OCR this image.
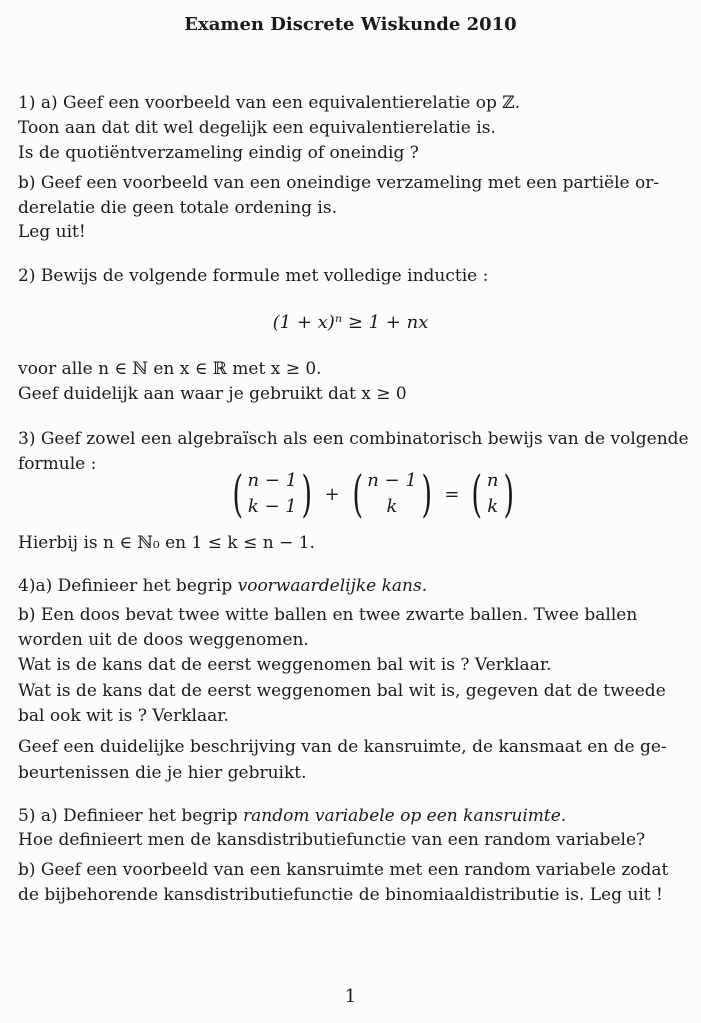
Examen Discrete Wiskunde 2010
1) a) Geef een voorbeeld van een equivalentierelatie op ℤ.
Toon aan dat dit wel degelijk een equivalentierelatie is.
Is de quotiëntverzameling eindig of oneindig ?
b) Geef een voorbeeld van een oneindige verzameling met een partiële or-
derelatie die geen totale ordening is.
Leg uit!
2) Bewijs de volgende formule met volledige inductie :
(1 + x)ⁿ ≥ 1 + nx
voor alle n ∈ ℕ en x ∈ ℝ met x ≥ 0.
Geef duidelijk aan waar je gebruikt dat x ≥ 0
3) Geef zowel een algebraïsch als een combinatorisch bewijs van de volgende
formule :
( n − 1
k − 1 ) + ( n − 1
k ) = ( n
k )
Hierbij is n ∈ ℕ₀ en 1 ≤ k ≤ n − 1.
4)a) Definieer het begrip voorwaardelijke kans.
b) Een doos bevat twee witte ballen en twee zwarte ballen. Twee ballen
worden uit de doos weggenomen.
Wat is de kans dat de eerst weggenomen bal wit is ? Verklaar.
Wat is de kans dat de eerst weggenomen bal wit is, gegeven dat de tweede
bal ook wit is ? Verklaar.
Geef een duidelijke beschrijving van de kansruimte, de kansmaat en de ge-
beurtenissen die je hier gebruikt.
5) a) Definieer het begrip random variabele op een kansruimte.
Hoe definieert men de kansdistributiefunctie van een random variabele?
b) Geef een voorbeeld van een kansruimte met een random variabele zodat
de bijbehorende kansdistributiefunctie de binomiaaldistributie is. Leg uit !
1
